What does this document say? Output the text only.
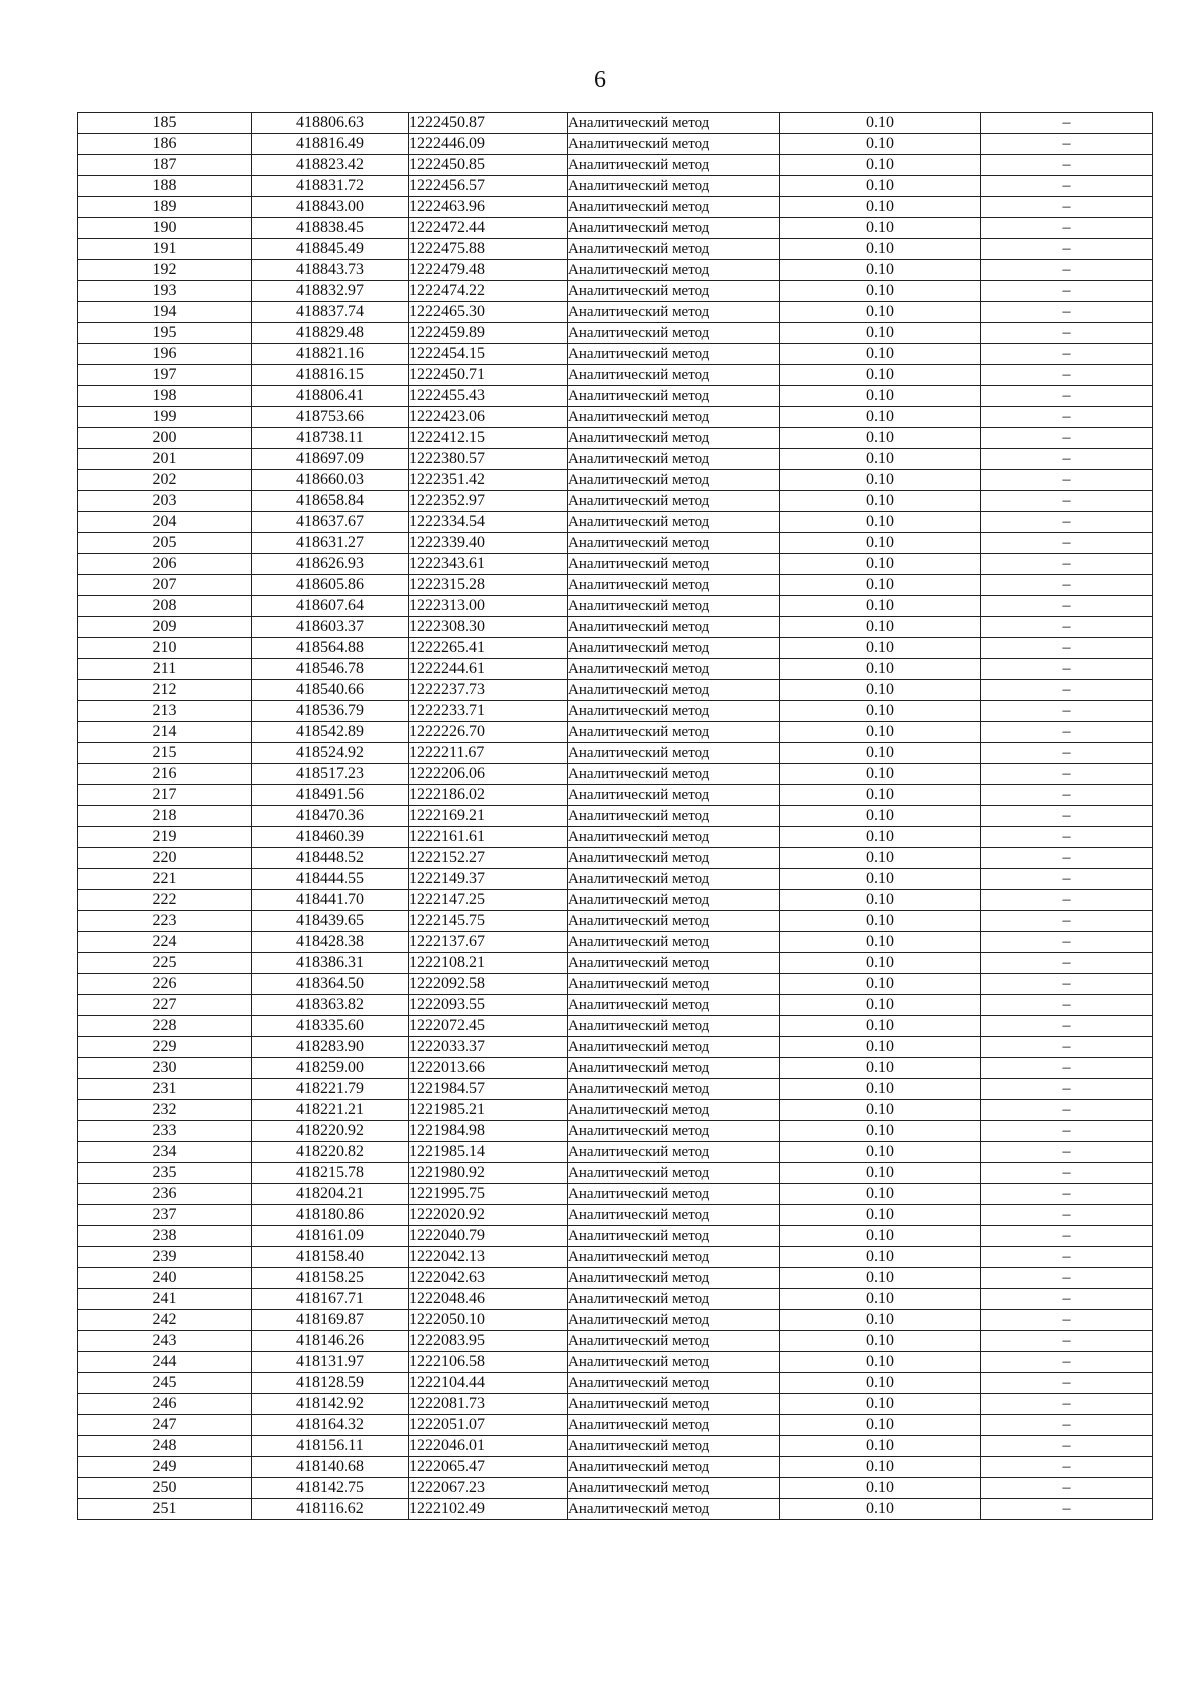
6
185	418806.63	1222450.87	Аналитический метод	0.10	–
186	418816.49	1222446.09	Аналитический метод	0.10	–
187	418823.42	1222450.85	Аналитический метод	0.10	–
188	418831.72	1222456.57	Аналитический метод	0.10	–
189	418843.00	1222463.96	Аналитический метод	0.10	–
190	418838.45	1222472.44	Аналитический метод	0.10	–
191	418845.49	1222475.88	Аналитический метод	0.10	–
192	418843.73	1222479.48	Аналитический метод	0.10	–
193	418832.97	1222474.22	Аналитический метод	0.10	–
194	418837.74	1222465.30	Аналитический метод	0.10	–
195	418829.48	1222459.89	Аналитический метод	0.10	–
196	418821.16	1222454.15	Аналитический метод	0.10	–
197	418816.15	1222450.71	Аналитический метод	0.10	–
198	418806.41	1222455.43	Аналитический метод	0.10	–
199	418753.66	1222423.06	Аналитический метод	0.10	–
200	418738.11	1222412.15	Аналитический метод	0.10	–
201	418697.09	1222380.57	Аналитический метод	0.10	–
202	418660.03	1222351.42	Аналитический метод	0.10	–
203	418658.84	1222352.97	Аналитический метод	0.10	–
204	418637.67	1222334.54	Аналитический метод	0.10	–
205	418631.27	1222339.40	Аналитический метод	0.10	–
206	418626.93	1222343.61	Аналитический метод	0.10	–
207	418605.86	1222315.28	Аналитический метод	0.10	–
208	418607.64	1222313.00	Аналитический метод	0.10	–
209	418603.37	1222308.30	Аналитический метод	0.10	–
210	418564.88	1222265.41	Аналитический метод	0.10	–
211	418546.78	1222244.61	Аналитический метод	0.10	–
212	418540.66	1222237.73	Аналитический метод	0.10	–
213	418536.79	1222233.71	Аналитический метод	0.10	–
214	418542.89	1222226.70	Аналитический метод	0.10	–
215	418524.92	1222211.67	Аналитический метод	0.10	–
216	418517.23	1222206.06	Аналитический метод	0.10	–
217	418491.56	1222186.02	Аналитический метод	0.10	–
218	418470.36	1222169.21	Аналитический метод	0.10	–
219	418460.39	1222161.61	Аналитический метод	0.10	–
220	418448.52	1222152.27	Аналитический метод	0.10	–
221	418444.55	1222149.37	Аналитический метод	0.10	–
222	418441.70	1222147.25	Аналитический метод	0.10	–
223	418439.65	1222145.75	Аналитический метод	0.10	–
224	418428.38	1222137.67	Аналитический метод	0.10	–
225	418386.31	1222108.21	Аналитический метод	0.10	–
226	418364.50	1222092.58	Аналитический метод	0.10	–
227	418363.82	1222093.55	Аналитический метод	0.10	–
228	418335.60	1222072.45	Аналитический метод	0.10	–
229	418283.90	1222033.37	Аналитический метод	0.10	–
230	418259.00	1222013.66	Аналитический метод	0.10	–
231	418221.79	1221984.57	Аналитический метод	0.10	–
232	418221.21	1221985.21	Аналитический метод	0.10	–
233	418220.92	1221984.98	Аналитический метод	0.10	–
234	418220.82	1221985.14	Аналитический метод	0.10	–
235	418215.78	1221980.92	Аналитический метод	0.10	–
236	418204.21	1221995.75	Аналитический метод	0.10	–
237	418180.86	1222020.92	Аналитический метод	0.10	–
238	418161.09	1222040.79	Аналитический метод	0.10	–
239	418158.40	1222042.13	Аналитический метод	0.10	–
240	418158.25	1222042.63	Аналитический метод	0.10	–
241	418167.71	1222048.46	Аналитический метод	0.10	–
242	418169.87	1222050.10	Аналитический метод	0.10	–
243	418146.26	1222083.95	Аналитический метод	0.10	–
244	418131.97	1222106.58	Аналитический метод	0.10	–
245	418128.59	1222104.44	Аналитический метод	0.10	–
246	418142.92	1222081.73	Аналитический метод	0.10	–
247	418164.32	1222051.07	Аналитический метод	0.10	–
248	418156.11	1222046.01	Аналитический метод	0.10	–
249	418140.68	1222065.47	Аналитический метод	0.10	–
250	418142.75	1222067.23	Аналитический метод	0.10	–
251	418116.62	1222102.49	Аналитический метод	0.10	–
